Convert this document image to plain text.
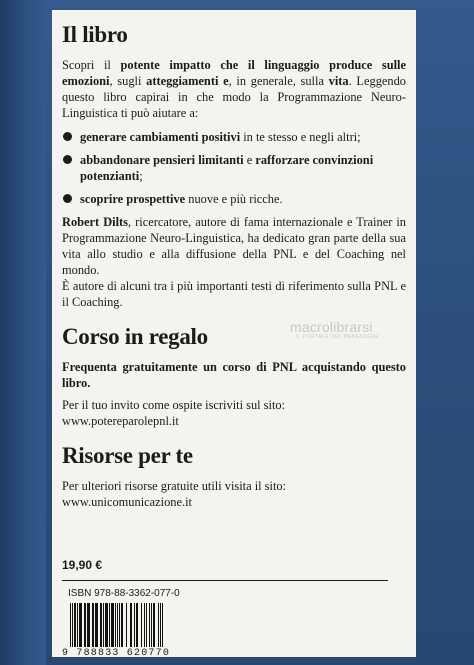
Il libro

Scopri il potente impatto che il linguaggio produce sulle emozioni, sugli atteggiamenti e, in generale, sulla vita. Leggendo questo libro capirai in che modo la Programmazione Neuro-Linguistica ti può aiutare a:

generare cambiamenti positivi in te stesso e negli altri;
abbandonare pensieri limitanti e rafforzare convinzioni potenzianti;
scoprire prospettive nuove e più ricche.

Robert Dilts, ricercatore, autore di fama internazionale e Trainer in Programmazione Neuro-Linguistica, ha dedicato gran parte della sua vita allo studio e alla diffusione della PNL e del Coaching nel mondo.

È autore di alcuni tra i più importanti testi di riferimento sulla PNL e il Coaching.

Corso in regalo

Frequenta gratuitamente un corso di PNL acquistando questo libro.

Per il tuo invito come ospite iscriviti sul sito:

www.potereparolepnl.it

Risorse per te

Per ulteriori risorse gratuite utili visita il sito:

www.unicomunicazione.it

19,90 €
ISBN 978-88-3362-077-0
9 788833 620770
macrolibrarsi
IL PORTALE DEL BENESSERE
